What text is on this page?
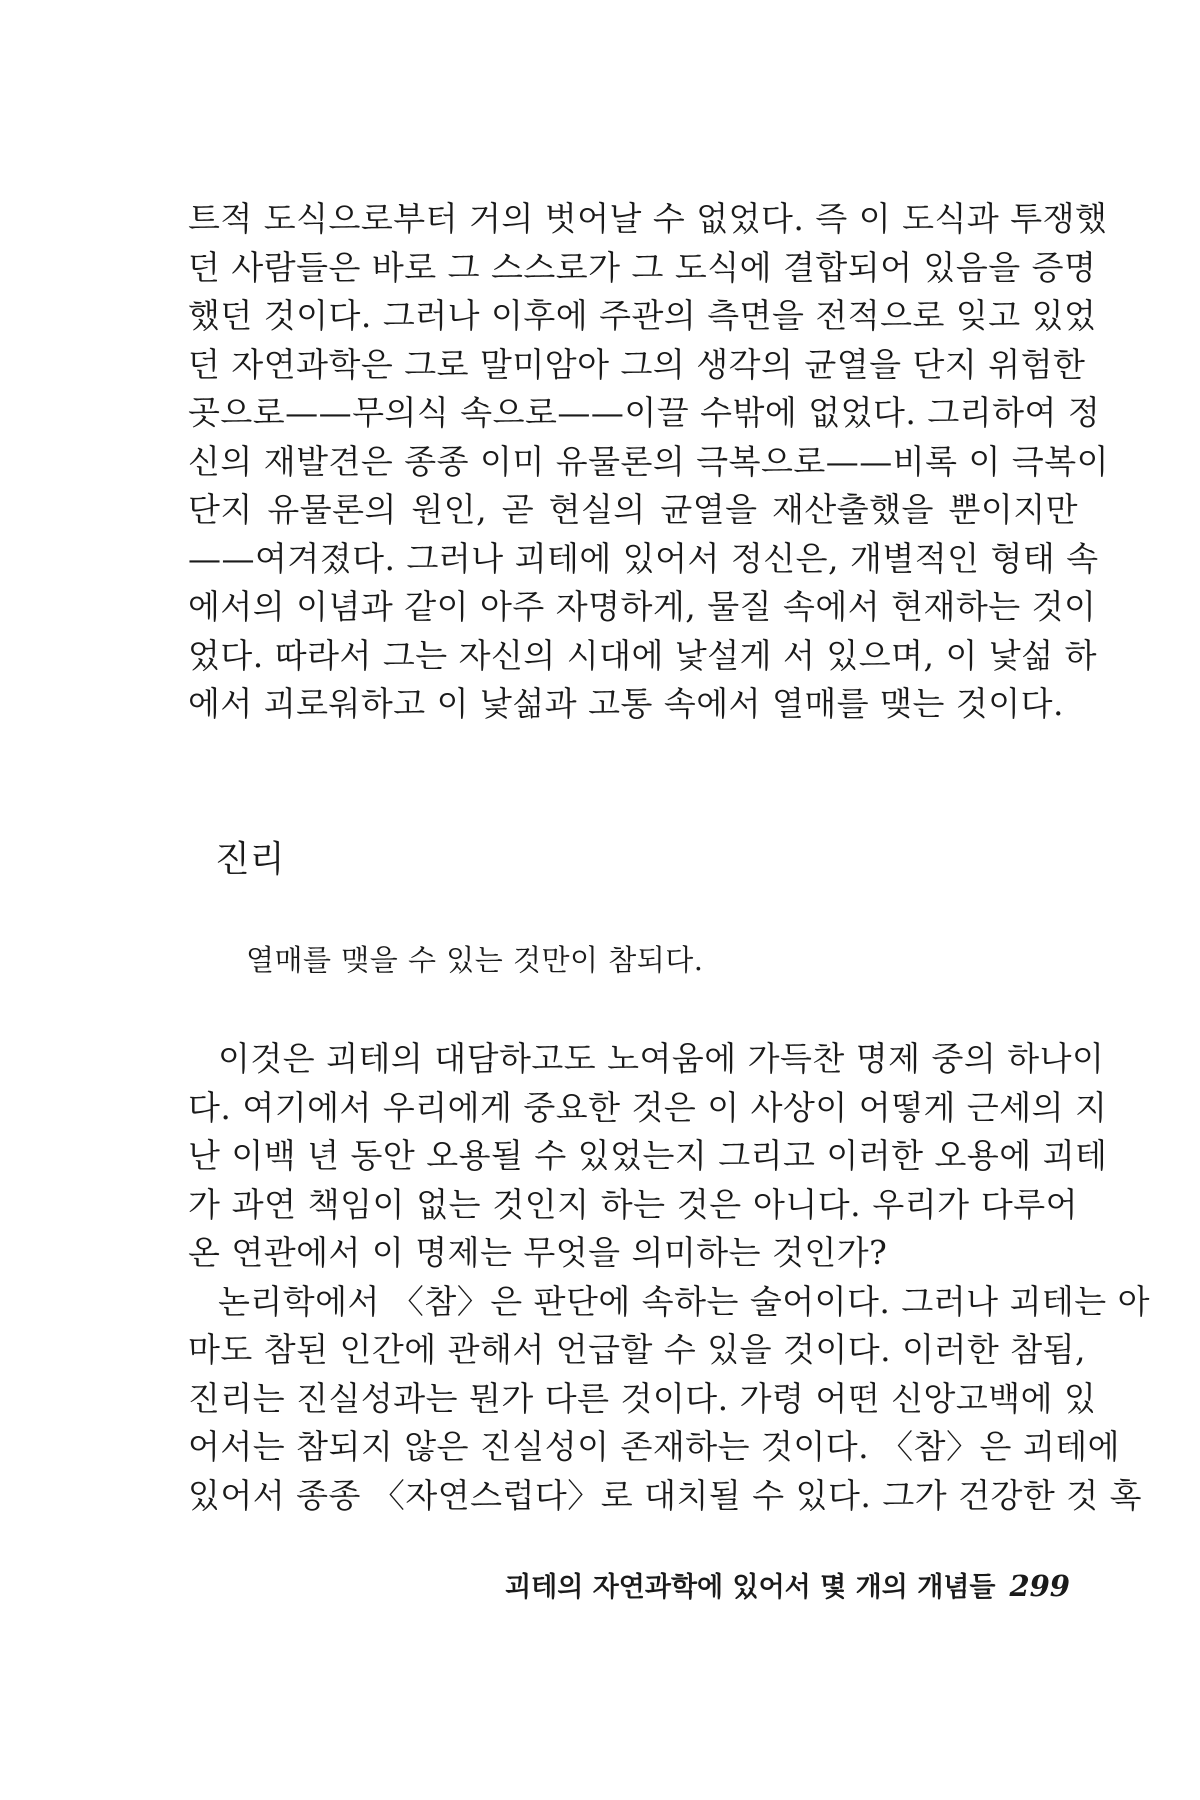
트적 도식으로부터 거의 벗어날 수 없었다. 즉 이 도식과 투쟁했
던 사람들은 바로 그 스스로가 그 도식에 결합되어 있음을 증명
했던 것이다. 그러나 이후에 주관의 측면을 전적으로 잊고 있었
던 자연과학은 그로 말미암아 그의 생각의 균열을 단지 위험한
곳으로——무의식 속으로——이끌 수밖에 없었다. 그리하여 정
신의 재발견은 종종 이미 유물론의 극복으로——비록 이 극복이
단지 유물론의 원인, 곧 현실의 균열을 재산출했을 뿐이지만
——여겨졌다. 그러나 괴테에 있어서 정신은, 개별적인 형태 속
에서의 이념과 같이 아주 자명하게, 물질 속에서 현재하는 것이
었다. 따라서 그는 자신의 시대에 낯설게 서 있으며, 이 낯섦 하
에서 괴로워하고 이 낯섦과 고통 속에서 열매를 맺는 것이다.
진리
열매를 맺을 수 있는 것만이 참되다.
이것은 괴테의 대담하고도 노여움에 가득찬 명제 중의 하나이
다. 여기에서 우리에게 중요한 것은 이 사상이 어떻게 근세의 지
난 이백 년 동안 오용될 수 있었는지 그리고 이러한 오용에 괴테
가 과연 책임이 없는 것인지 하는 것은 아니다. 우리가 다루어
온 연관에서 이 명제는 무엇을 의미하는 것인가?
논리학에서 〈참〉은 판단에 속하는 술어이다. 그러나 괴테는 아
마도 참된 인간에 관해서 언급할 수 있을 것이다. 이러한 참됨,
진리는 진실성과는 뭔가 다른 것이다. 가령 어떤 신앙고백에 있
어서는 참되지 않은 진실성이 존재하는 것이다. 〈참〉은 괴테에
있어서 종종 〈자연스럽다〉로 대치될 수 있다. 그가 건강한 것 혹
괴테의 자연과학에 있어서 몇 개의 개념들 299
